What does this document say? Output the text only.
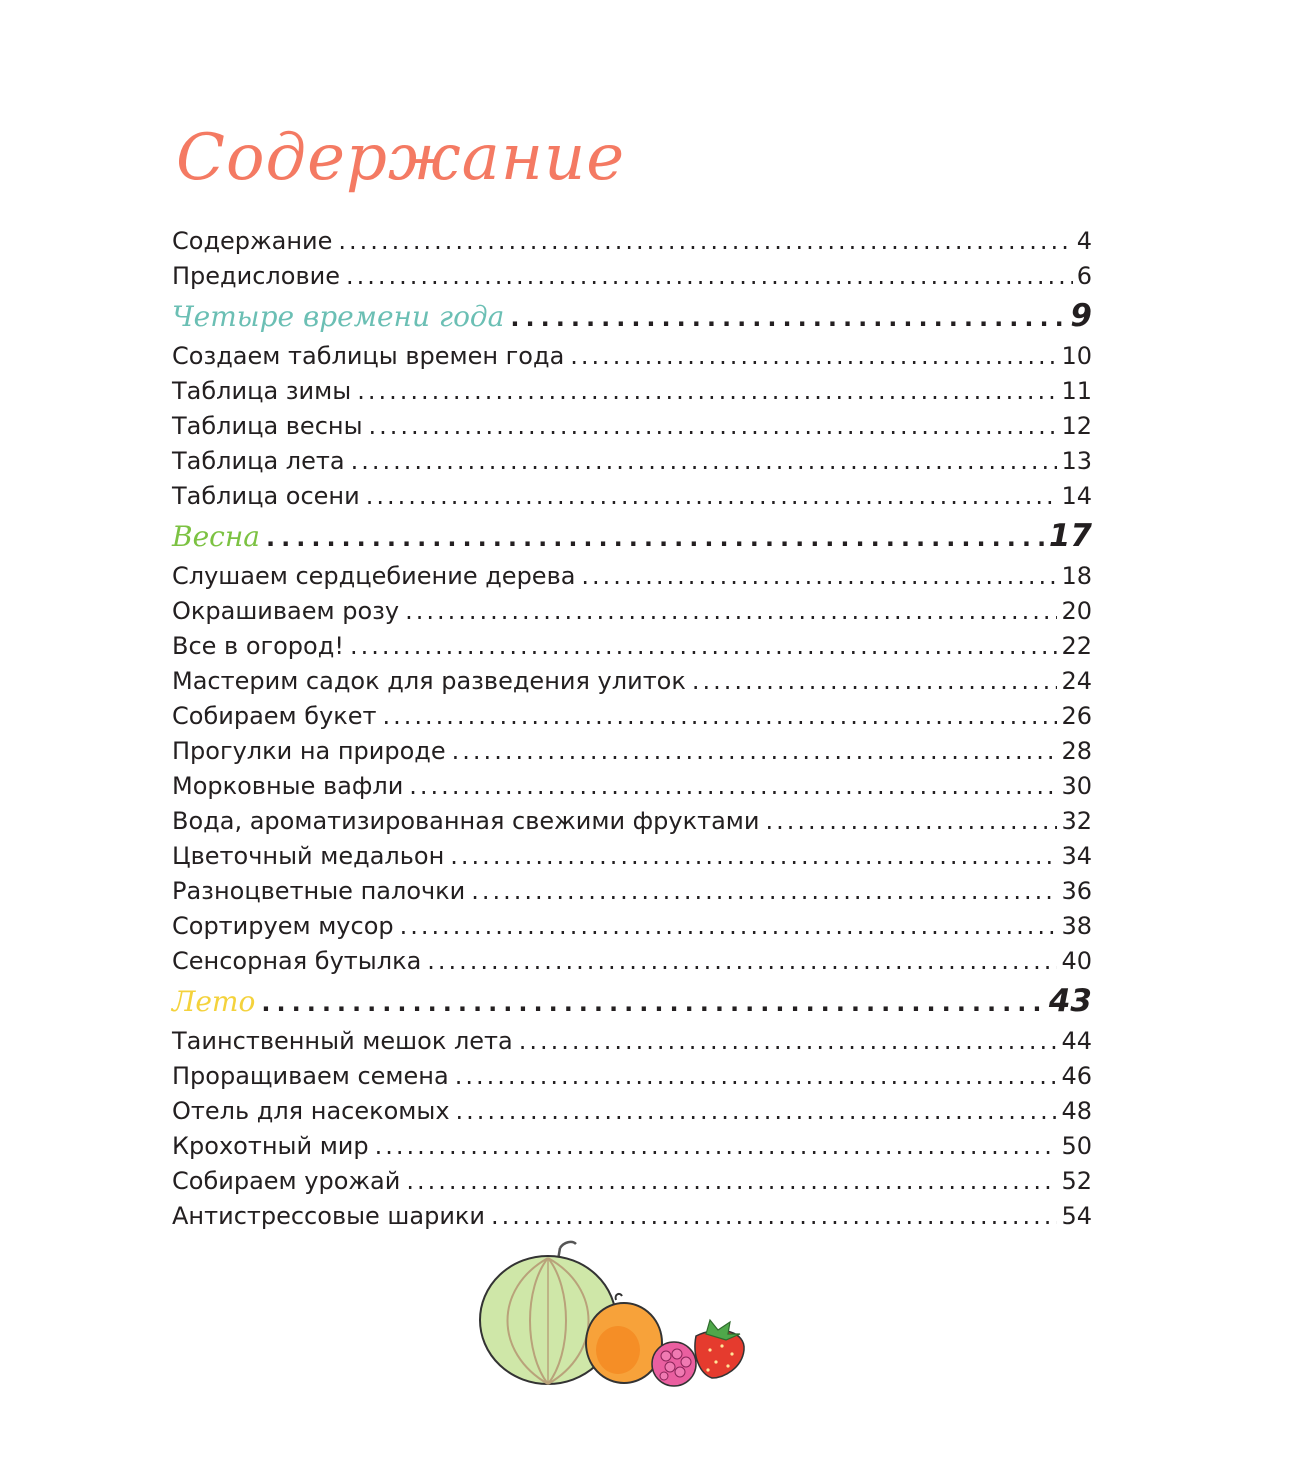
Содержание
Содержание .....	4
Предисловие .....	6
Четыре времени года .....	9
Создаем таблицы времен года .....	10
Таблица зимы .....	11
Таблица весны .....	12
Таблица лета .....	13
Таблица осени .....	14
Весна .....	17
Слушаем сердцебиение дерева .....	18
Окрашиваем розу .....	20
Все в огород! .....	22
Мастерим садок для разведения улиток .....	24
Собираем букет .....	26
Прогулки на природе .....	28
Морковные вафли .....	30
Вода, ароматизированная свежими фруктами .....	32
Цветочный медальон .....	34
Разноцветные палочки .....	36
Сортируем мусор .....	38
Сенсорная бутылка .....	40
Лето .....	43
Таинственный мешок лета .....	44
Проращиваем семена .....	46
Отель для насекомых .....	48
Крохотный мир .....	50
Собираем урожай .....	52
Антистрессовые шарики .....	54
